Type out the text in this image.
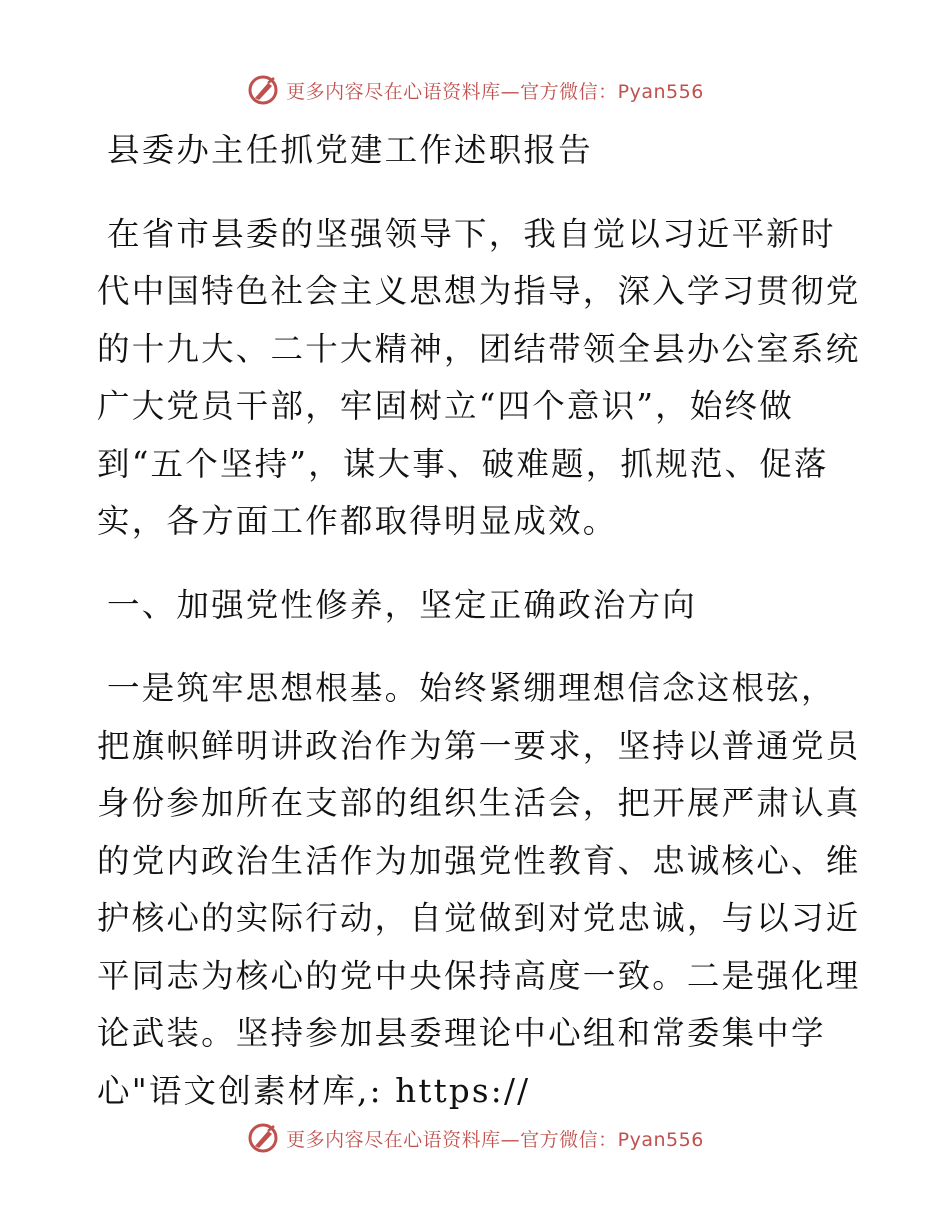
更多内容尽在心语资料库—官方微信：Pyan556
县委办主任抓党建工作述职报告
在省市县委的坚强领导下，我自觉以习近平新时
代中国特色社会主义思想为指导，深入学习贯彻党
的十九大、二十大精神，团结带领全县办公室系统
广大党员干部，牢固树立“四个意识”，始终做
到“五个坚持”，谋大事、破难题，抓规范、促落
实，各方面工作都取得明显成效。
一、加强党性修养，坚定正确政治方向
一是筑牢思想根基。始终紧绷理想信念这根弦，
把旗帜鲜明讲政治作为第一要求，坚持以普通党员
身份参加所在支部的组织生活会，把开展严肃认真
的党内政治生活作为加强党性教育、忠诚核心、维
护核心的实际行动，自觉做到对党忠诚，与以习近
平同志为核心的党中央保持高度一致。二是强化理
论武装。坚持参加县委理论中心组和常委集中学
心"语文创素材库,: https://
更多内容尽在心语资料库—官方微信：Pyan556
